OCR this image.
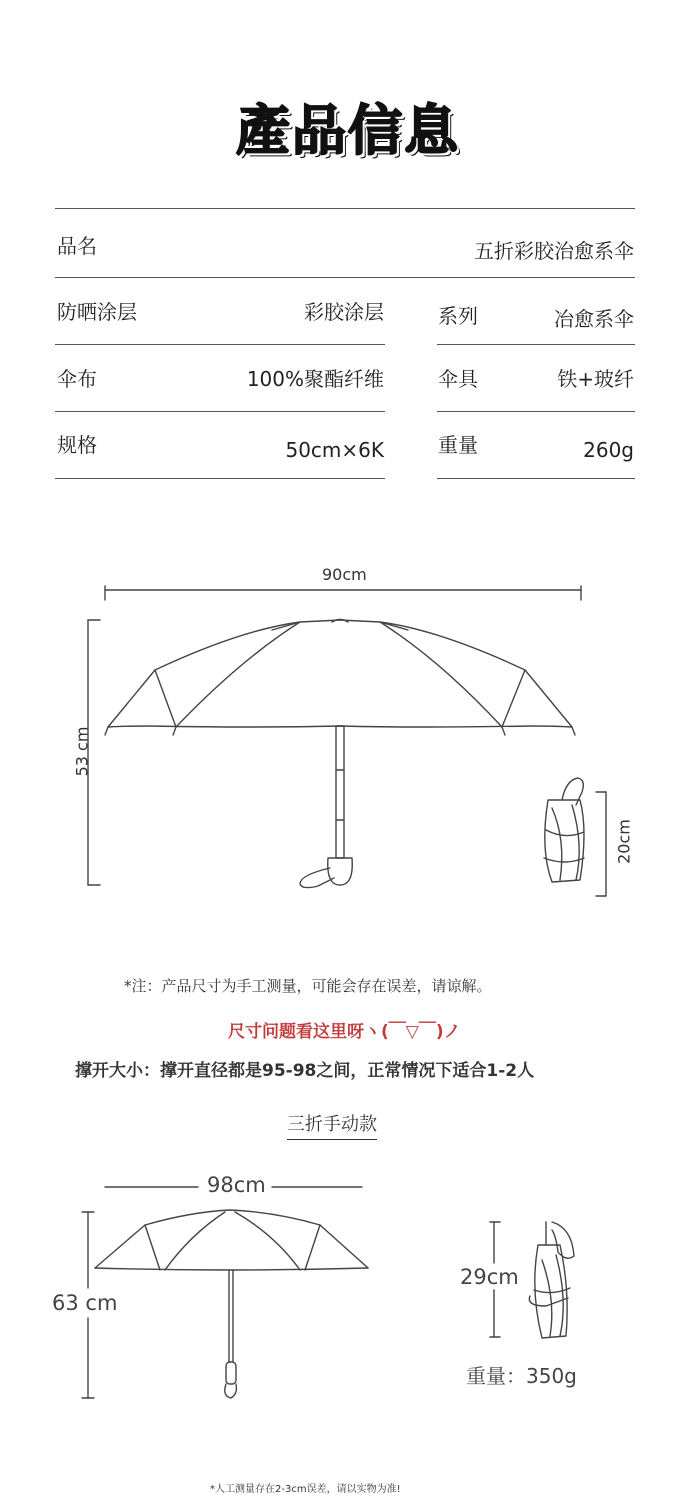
產品信息
品名	五折彩胶治愈系伞
防晒涂层	彩胶涂层	系列	冶愈系伞
伞布	100%聚酯纤维	伞具	铁+玻纤
规格	50cm×6K	重量	260g
90cm
53 cm
20cm
*注：产品尺寸为手工测量，可能会存在误差，请谅解。
尺寸问题看这里呀ヽ(￣▽￣)ノ
撑开大小：撑开直径都是95-98之间，正常情况下适合1-2人
三折手动款
98cm
63 cm
29cm
重量：350g
*人工测量存在2-3cm误差，请以实物为准!
